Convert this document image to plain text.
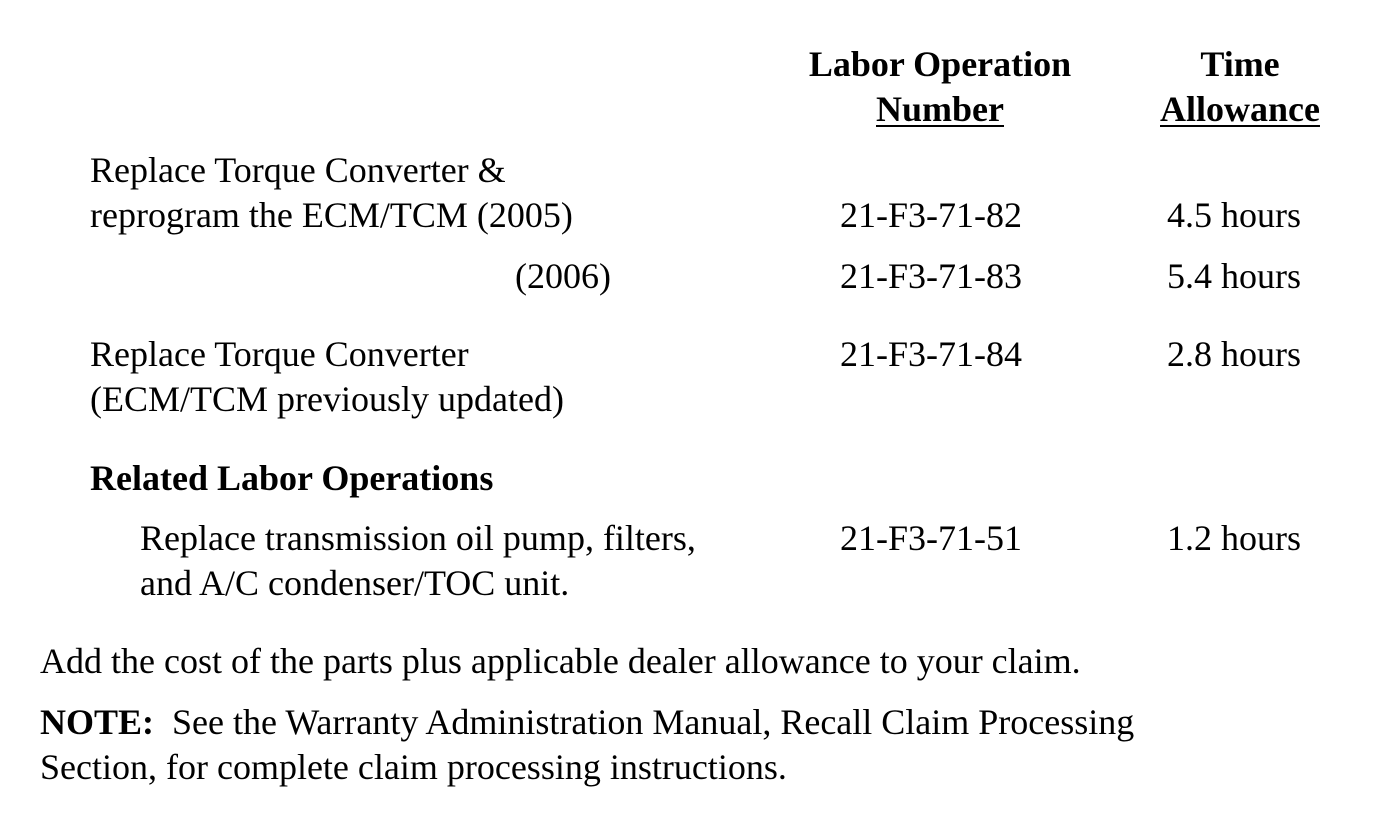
Labor Operation
Number
Time
Allowance
Replace Torque Converter &
reprogram the ECM/TCM (2005)	21-F3-71-82	4.5 hours
(2006)	21-F3-71-83	5.4 hours
Replace Torque Converter
(ECM/TCM previously updated)
21-F3-71-84	2.8 hours
Related Labor Operations
Replace transmission oil pump, filters,
and A/C condenser/TOC unit.
21-F3-71-51	1.2 hours
Add the cost of the parts plus applicable dealer allowance to your claim.
NOTE:  See the Warranty Administration Manual, Recall Claim Processing
Section, for complete claim processing instructions.
